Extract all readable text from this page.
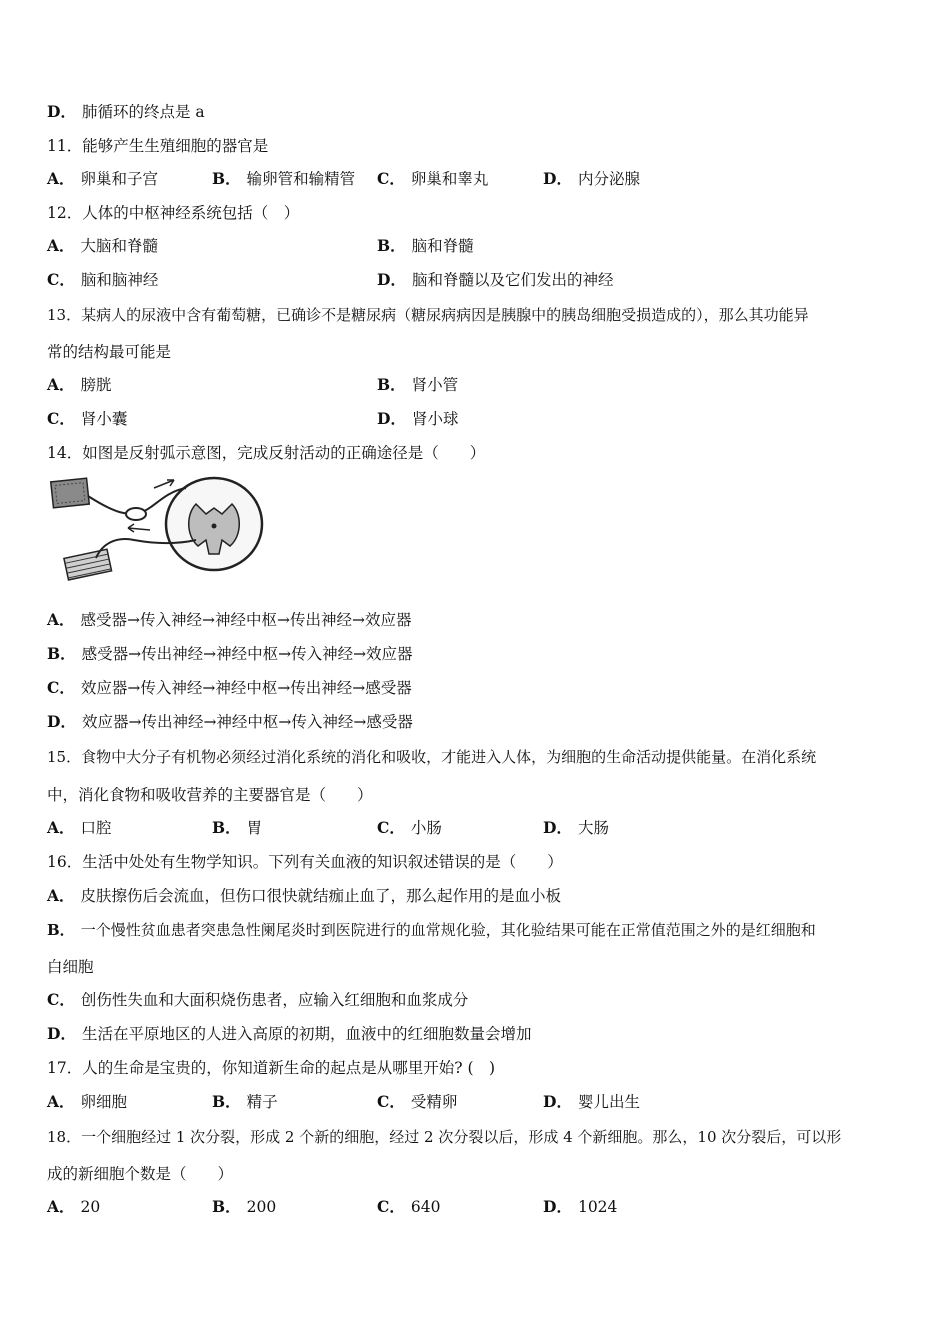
D． 肺循环的终点是 a
11．能够产生生殖细胞的器官是
A． 卵巢和子宫	B． 输卵管和输精管 C． 卵巢和睾丸	D． 内分泌腺
12．人体的中枢神经系统包括（　）
A． 大脑和脊髓	B． 脑和脊髓
C． 脑和脑神经	D． 脑和脊髓以及它们发出的神经
13．某病人的尿液中含有葡萄糖，已确诊不是糖尿病（糖尿病病因是胰腺中的胰岛细胞受损造成的），那么其功能异
常的结构最可能是
A． 膀胱	B． 肾小管
C． 肾小囊	D． 肾小球
14．如图是反射弧示意图，完成反射活动的正确途径是（　　）
A． 感受器→传入神经→神经中枢→传出神经→效应器
B． 感受器→传出神经→神经中枢→传入神经→效应器
C． 效应器→传入神经→神经中枢→传出神经→感受器
D． 效应器→传出神经→神经中枢→传入神经→感受器
15．食物中大分子有机物必须经过消化系统的消化和吸收，才能进入人体，为细胞的生命活动提供能量。在消化系统
中，消化食物和吸收营养的主要器官是（　　）
A． 口腔	B． 胃	C． 小肠	D． 大肠
16．生活中处处有生物学知识。下列有关血液的知识叙述错误的是（　　）
A． 皮肤擦伤后会流血，但伤口很快就结痂止血了，那么起作用的是血小板
B． 一个慢性贫血患者突患急性阑尾炎时到医院进行的血常规化验，其化验结果可能在正常值范围之外的是红细胞和
白细胞
C． 创伤性失血和大面积烧伤患者，应输入红细胞和血浆成分
D． 生活在平原地区的人进入高原的初期，血液中的红细胞数量会增加
17．人的生命是宝贵的，你知道新生命的起点是从哪里开始? (　)
A． 卵细胞	B． 精子	C． 受精卵	D． 婴儿出生
18．一个细胞经过 1 次分裂，形成 2 个新的细胞，经过 2 次分裂以后，形成 4 个新细胞。那么，10 次分裂后，可以形
成的新细胞个数是（　　）
A． 20	B． 200	C． 640	D． 1024
